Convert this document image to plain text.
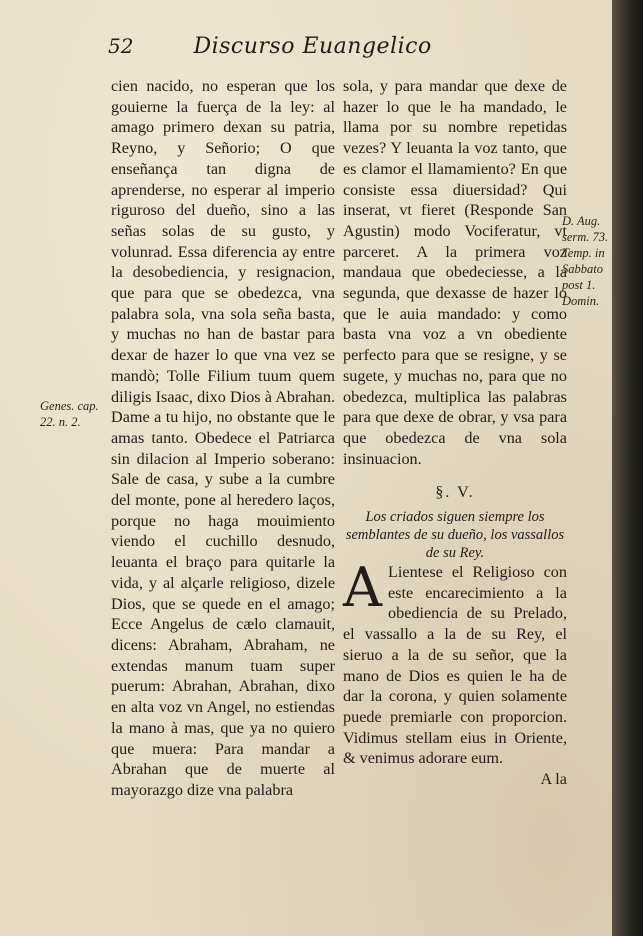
52	Discurso Euangelico

cien nacido, no esperan que los gouierne la fuerça de la ley: al amago primero dexan su patria, Reyno, y Señorio; O que enseñança tan digna de aprenderse, no esperar al imperio riguroso del dueño, sino a las señas solas de su gusto, y volunrad. Essa diferencia ay entre la desobediencia, y resignacion, que para que se obedezca, vna palabra sola, vna sola seña basta, y muchas no han de bastar para dexar de hazer lo que vna vez se mandò; Tolle Filium tuum quem diligis Isaac, dixo Dios à Abrahan. Dame a tu hijo, no obstante que le amas tanto. Obedece el Patriarca sin dilacion al Imperio soberano: Sale de casa, y sube a la cumbre del monte, pone al heredero laços, porque no haga mouimiento viendo el cuchillo desnudo, leuanta el braço para quitarle la vida, y al alçarle religioso, dizele Dios, que se quede en el amago; Ecce Angelus de cælo clamauit, dicens: Abraham, Abraham, ne extendas manum tuam super puerum: Abrahan, Abrahan, dixo en alta voz vn Angel, no estiendas la mano à mas, que ya no quiero que muera: Para mandar a Abrahan que de muerte al mayorazgo dize vna palabra

sola, y para mandar que dexe de hazer lo que le ha mandado, le llama por su nombre repetidas vezes? Y leuanta la voz tanto, que es clamor el llamamiento? En que consiste essa diuersidad? Qui inserat, vt fieret (Responde San Agustin) modo Vociferatur, vt parceret. A la primera voz mandaua que obedeciesse, a la segunda, que dexasse de hazer lo que le auia mandado: y como basta vna voz a vn obediente perfecto para que se resigne, y se sugete, y muchas no, para que no obedezca, multiplica las palabras para que dexe de obrar, y vsa para que obedezca de vna sola insinuacion.

§. V.
Los criados siguen siempre los semblantes de su dueño, los vassallos de su Rey.

A Lientese el Religioso con este encarecimiento a la obediencia de su Prelado, el vassallo a la de su Rey, el sieruo a la de su señor, que la mano de Dios es quien le ha de dar la corona, y quien solamente puede premiarle con proporcion. Vidimus stellam eius in Oriente, & venimus adorare eum.

A la
Genes. cap. 22. n. 2.
D. Aug. serm. 73. Temp. in Sabbato post 1. Domin.
